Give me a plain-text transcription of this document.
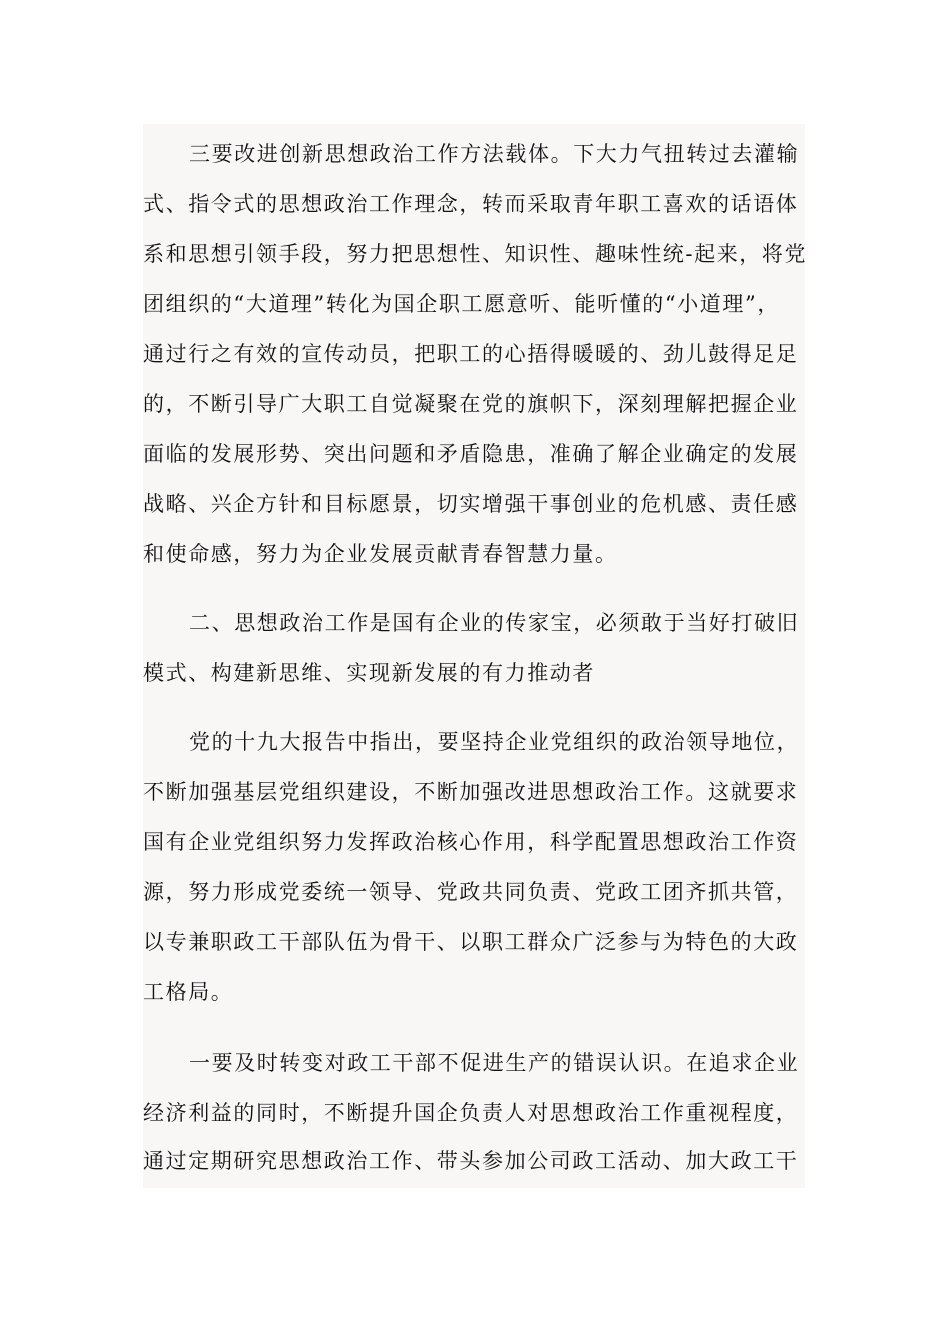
三要改进创新思想政治工作方法载体。下大力气扭转过去灌输
式、指令式的思想政治工作理念，转而采取青年职工喜欢的话语体
系和思想引领手段，努力把思想性、知识性、趣味性统-起来，将党
团组织的“大道理”转化为国企职工愿意听、能听懂的“小道理”，
通过行之有效的宣传动员，把职工的心捂得暖暖的、劲儿鼓得足足
的，不断引导广大职工自觉凝聚在党的旗帜下，深刻理解把握企业
面临的发展形势、突出问题和矛盾隐患，准确了解企业确定的发展
战略、兴企方针和目标愿景，切实增强干事创业的危机感、责任感
和使命感，努力为企业发展贡献青春智慧力量。
二、思想政治工作是国有企业的传家宝，必须敢于当好打破旧
模式、构建新思维、实现新发展的有力推动者
党的十九大报告中指出，要坚持企业党组织的政治领导地位，
不断加强基层党组织建设，不断加强改进思想政治工作。这就要求
国有企业党组织努力发挥政治核心作用，科学配置思想政治工作资
源，努力形成党委统一领导、党政共同负责、党政工团齐抓共管，
以专兼职政工干部队伍为骨干、以职工群众广泛参与为特色的大政
工格局。
一要及时转变对政工干部不促进生产的错误认识。在追求企业
经济利益的同时，不断提升国企负责人对思想政治工作重视程度，
通过定期研究思想政治工作、带头参加公司政工活动、加大政工干
